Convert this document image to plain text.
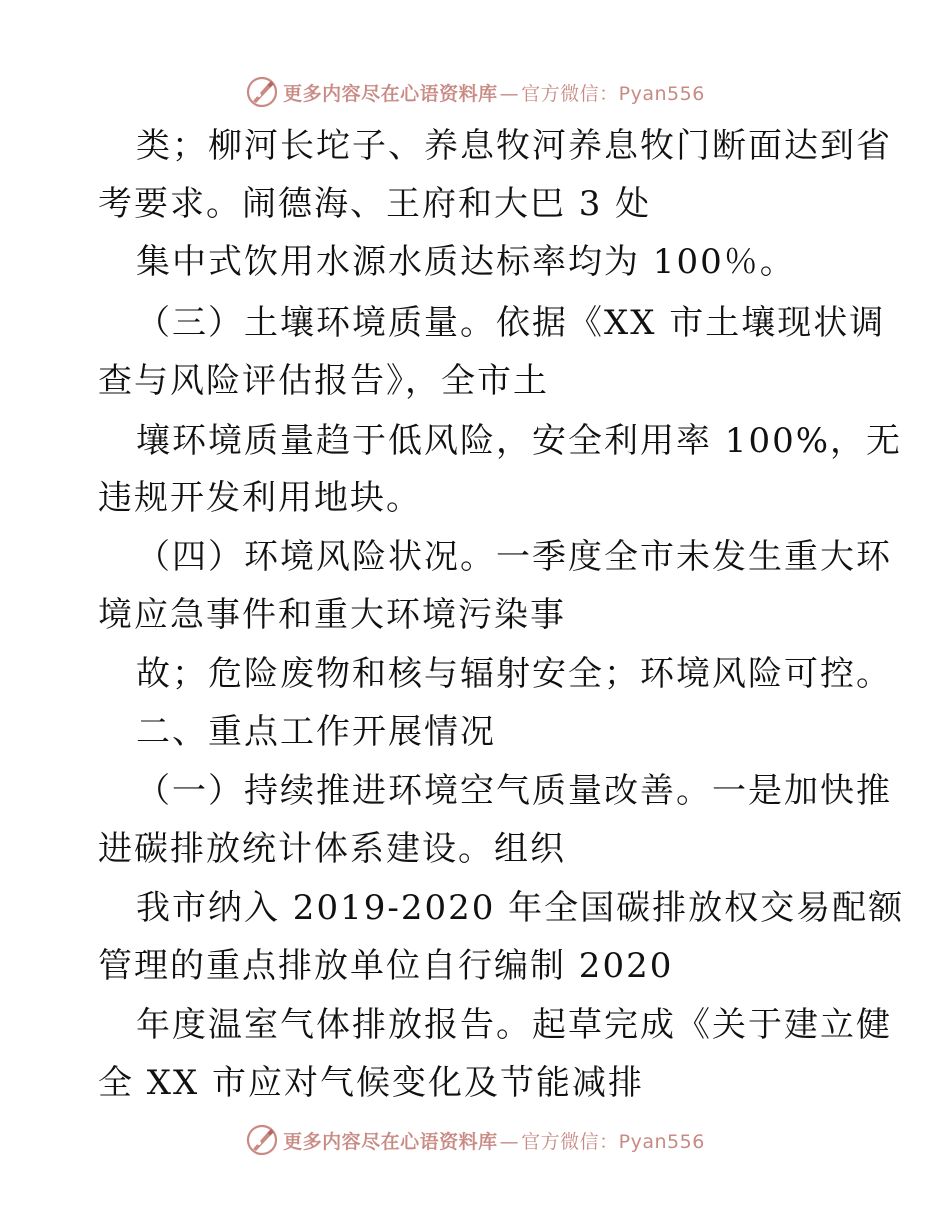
更多内容尽在心语资料库 — 官方微信：Pyan556
类；柳河长坨子、养息牧河养息牧门断面达到省
考要求。闹德海、王府和大巴 3 处
集中式饮用水源水质达标率均为 100％。
（三）土壤环境质量。依据《XX 市土壤现状调
查与风险评估报告》，全市土
壤环境质量趋于低风险，安全利用率 100%，无
违规开发利用地块。
（四）环境风险状况。一季度全市未发生重大环
境应急事件和重大环境污染事
故；危险废物和核与辐射安全；环境风险可控。
二、重点工作开展情况
（一）持续推进环境空气质量改善。一是加快推
进碳排放统计体系建设。组织
我市纳入 2019-2020 年全国碳排放权交易配额
管理的重点排放单位自行编制 2020
年度温室气体排放报告。起草完成《关于建立健
全 XX 市应对气候变化及节能减排
更多内容尽在心语资料库 — 官方微信：Pyan556
